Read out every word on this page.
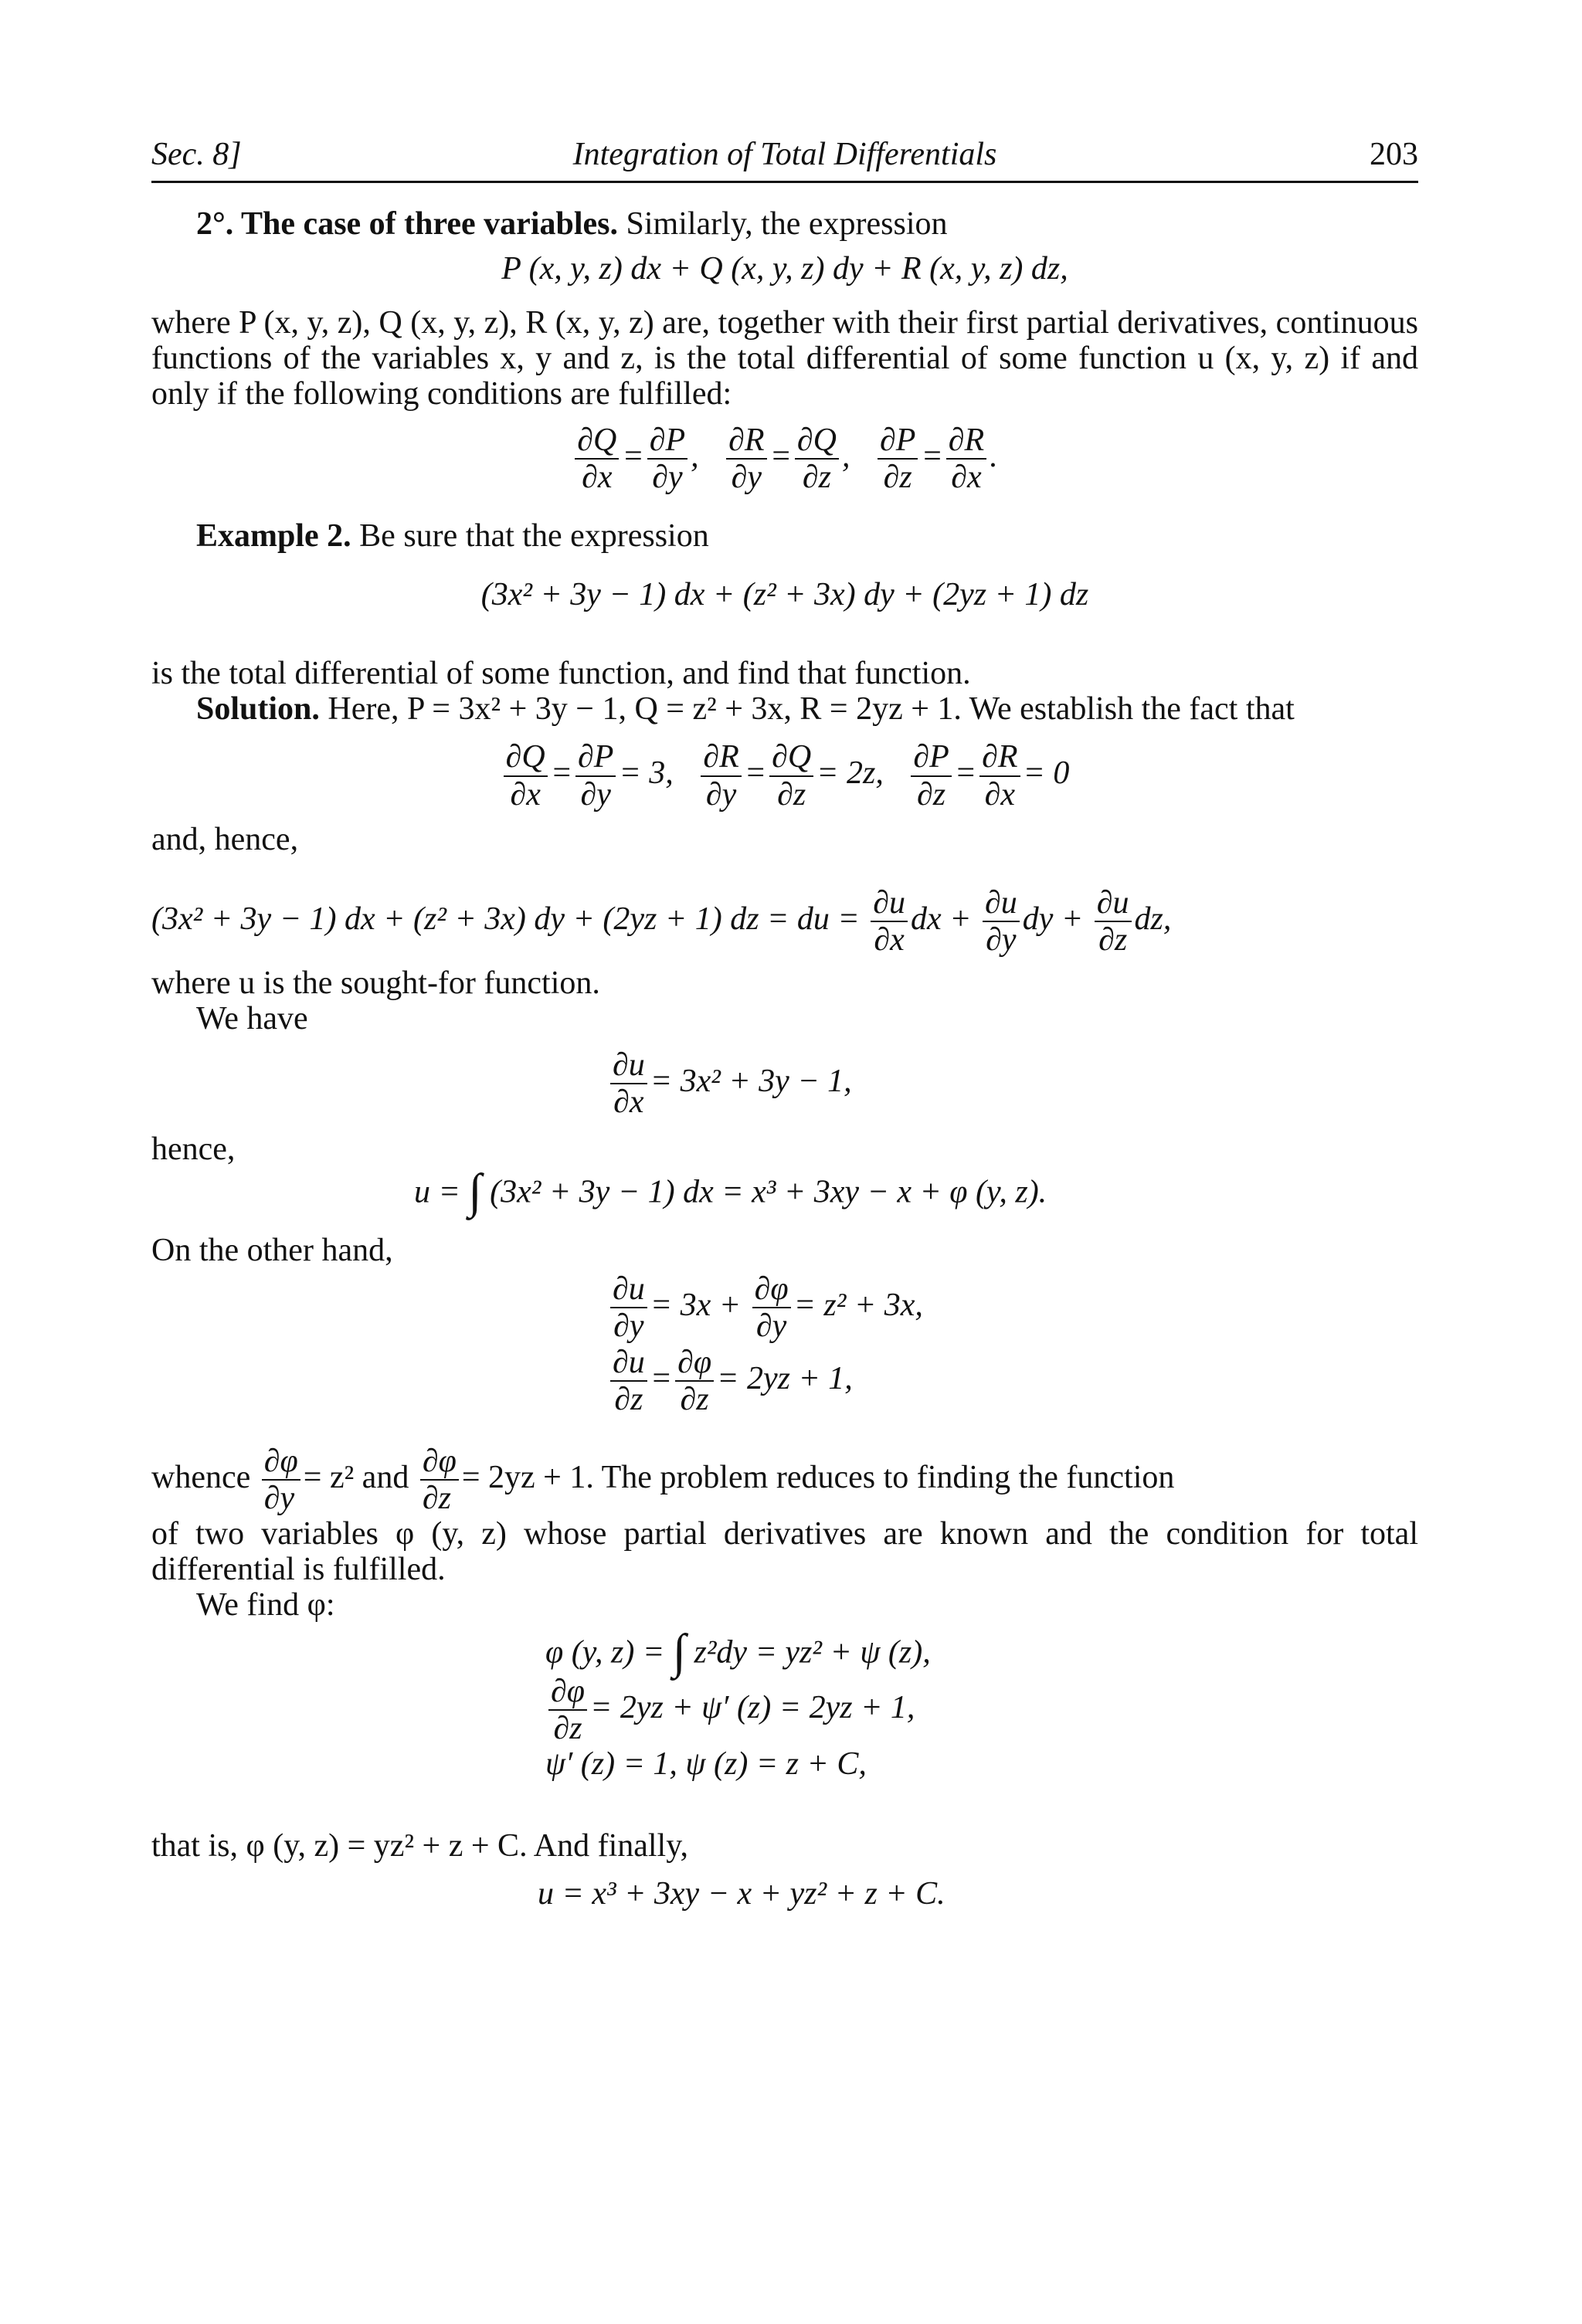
Sec. 8]	Integration of Total Differentials	203

2°. The case of three variables. Similarly, the expression

P (x, y, z) dx + Q (x, y, z) dy + R (x, y, z) dz,

where P (x, y, z), Q (x, y, z), R (x, y, z) are, together with their first partial derivatives, continuous functions of the variables x, y and z, is the total differential of some function u (x, y, z) if and only if the following conditions are fulfilled:

$\frac{\partial Q}{\partial x} = \frac{\partial P}{\partial y}$ , $\frac{\partial R}{\partial y} = \frac{\partial Q}{\partial z}$ , $\frac{\partial P}{\partial z} = \frac{\partial R}{\partial x}$ .

Example 2. Be sure that the expression

(3x² + 3y − 1) dx + (z² + 3x) dy + (2yz + 1) dz

is the total differential of some function, and find that function.

Solution. Here, P = 3x² + 3y − 1, Q = z² + 3x, R = 2yz + 1. We establish the fact that

$\frac{\partial Q}{\partial x} = \frac{\partial P}{\partial y} = 3$, $\frac{\partial R}{\partial y} = \frac{\partial Q}{\partial z} = 2z$, $\frac{\partial P}{\partial z} = \frac{\partial R}{\partial x} = 0$

and, hence,

(3x² + 3y − 1) dx + (z² + 3x) dy + (2yz + 1) dz = du = $\frac{\partial u}{\partial x}$ dx + $\frac{\partial u}{\partial y}$ dy + $\frac{\partial u}{\partial z}$ dz,

where u is the sought-for function.

We have

$\frac{\partial u}{\partial x} = 3x^2 + 3y - 1$,

hence,

u = ∫ (3x² + 3y − 1) dx = x³ + 3xy − x + φ (y, z).

On the other hand,

$\frac{\partial u}{\partial y} = 3x + \frac{\partial\varphi}{\partial y} = z^2 + 3x$,
$\frac{\partial u}{\partial z} = \frac{\partial\varphi}{\partial z} = 2yz + 1$,

whence $\frac{\partial\varphi}{\partial y} = z^2$ and $\frac{\partial\varphi}{\partial z} = 2yz + 1$. The problem reduces to finding the function

of two variables φ (y, z) whose partial derivatives are known and the condition for total differential is fulfilled.

We find φ:

φ (y, z) = ∫ z²dy = yz² + ψ (z),

$\frac{\partial\varphi}{\partial z} = 2yz + \psi'$ (z) = 2yz + 1,

ψ′ (z) = 1, ψ (z) = z + C,

that is, φ (y, z) = yz² + z + C. And finally,

u = x³ + 3xy − x + yz² + z + C.
